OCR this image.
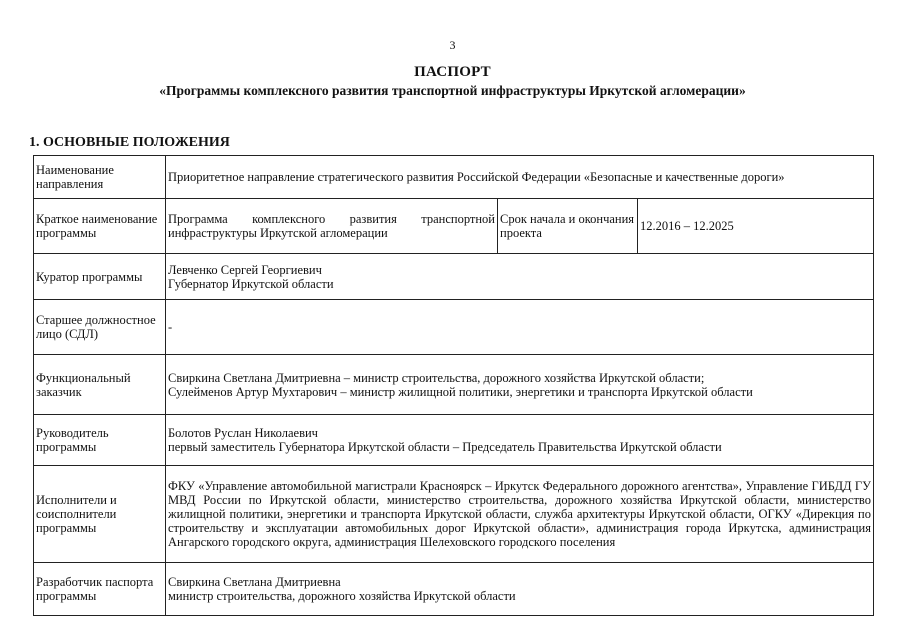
3
ПАСПОРТ
«Программы комплексного развития транспортной инфраструктуры Иркутской агломерации»
1. ОСНОВНЫЕ ПОЛОЖЕНИЯ
Наименование направления	Приоритетное направление стратегического развития Российской Федерации «Безопасные и качественные дороги»		
Краткое наименование программы	Программа комплексного развития транспортной инфраструктуры Иркутской агломерации	Срок начала и окончания проекта	12.2016 – 12.2025
Куратор программы	Левченко Сергей Георгиевич
Губернатор Иркутской области		

Старшее должностное лицо (СДЛ)	-		
Функциональный заказчик	Свиркина Светлана Дмитриевна – министр строительства, дорожного хозяйства Иркутской области;
Сулейменов Артур Мухтарович – министр жилищной политики, энергетики и транспорта Иркутской области		

Руководитель программы	Болотов Руслан Николаевич
первый заместитель Губернатора Иркутской области – Председатель Правительства Иркутской области		

Исполнители и соисполнители программы	ФКУ «Управление автомобильной магистрали Красноярск – Иркутск Федерального дорожного агентства», Управление ГИБДД ГУ МВД России по Иркутской области, министерство строительства, дорожного хозяйства Иркутской области, министерство жилищной политики, энергетики и транспорта Иркутской области, служба архитектуры Иркутской области, ОГКУ «Дирекция по строительству и эксплуатации автомобильных дорог Иркутской области», администрация города Иркутска, администрация Ангарского городского округа, администрация Шелеховского городского поселения		
Разработчик паспорта программы	Свиркина Светлана Дмитриевна
министр строительства, дорожного хозяйства Иркутской области		
